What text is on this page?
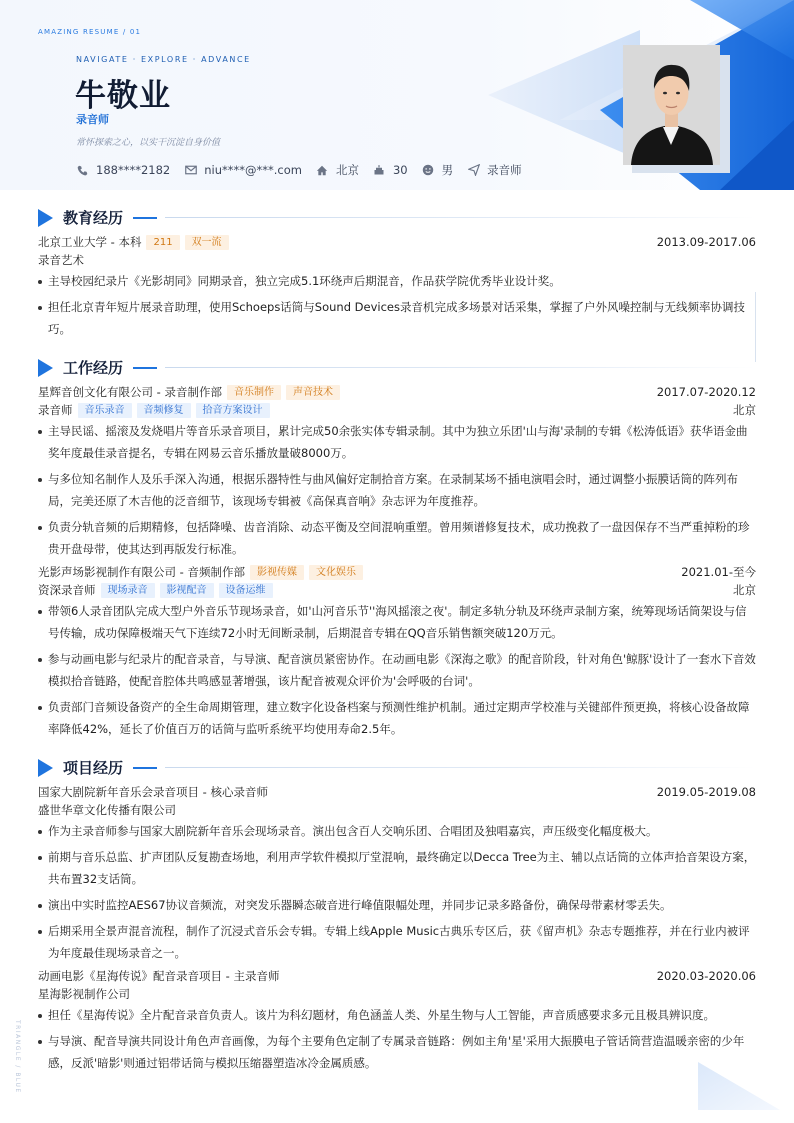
AMAZING RESUME / 01
NAVIGATE · EXPLORE · ADVANCE
牛敬业
录音师
常怀探索之心，以实干沉淀自身价值
188****2182	niu****@***.com	北京	30	男	录音师
教育经历
北京工业大学 - 本科	211	双一流	2013.09-2017.06
录音艺术
主导校园纪录片《光影胡同》同期录音，独立完成5.1环绕声后期混音，作品获学院优秀毕业设计奖。
担任北京青年短片展录音助理，使用Schoeps话筒与Sound Devices录音机完成多场景对话采集，掌握了户外风噪控制与无线频率协调技巧。
工作经历
星辉音创文化有限公司 - 录音制作部	音乐制作	声音技术	2017.07-2020.12
录音师	音乐录音	音频修复	拾音方案设计	北京
主导民谣、摇滚及发烧唱片等音乐录音项目，累计完成50余张实体专辑录制。其中为独立乐团'山与海'录制的专辑《松涛低语》获华语金曲奖年度最佳录音提名，专辑在网易云音乐播放量破8000万。
与多位知名制作人及乐手深入沟通，根据乐器特性与曲风偏好定制拾音方案。在录制某场不插电演唱会时，通过调整小振膜话筒的阵列布局，完美还原了木吉他的泛音细节，该现场专辑被《高保真音响》杂志评为年度推荐。
负责分轨音频的后期精修，包括降噪、齿音消除、动态平衡及空间混响重塑。曾用频谱修复技术，成功挽救了一盘因保存不当严重掉粉的珍贵开盘母带，使其达到再版发行标准。
光影声场影视制作有限公司 - 音频制作部	影视传媒	文化娱乐	2021.01-至今
资深录音师	现场录音	影视配音	设备运维	北京
带领6人录音团队完成大型户外音乐节现场录音，如'山河音乐节''海风摇滚之夜'。制定多轨分轨及环绕声录制方案，统筹现场话筒架设与信号传输，成功保障极端天气下连续72小时无间断录制，后期混音专辑在QQ音乐销售额突破120万元。
参与动画电影与纪录片的配音录音，与导演、配音演员紧密协作。在动画电影《深海之歌》的配音阶段，针对角色'鲸豚'设计了一套水下音效模拟拾音链路，使配音腔体共鸣感显著增强，该片配音被观众评价为'会呼吸的台词'。
负责部门音频设备资产的全生命周期管理，建立数字化设备档案与预测性维护机制。通过定期声学校准与关键部件预更换，将核心设备故障率降低42%，延长了价值百万的话筒与监听系统平均使用寿命2.5年。
项目经历
国家大剧院新年音乐会录音项目 - 核心录音师	2019.05-2019.08
盛世华章文化传播有限公司
作为主录音师参与国家大剧院新年音乐会现场录音。演出包含百人交响乐团、合唱团及独唱嘉宾，声压级变化幅度极大。
前期与音乐总监、扩声团队反复勘查场地，利用声学软件模拟厅堂混响，最终确定以Decca Tree为主、辅以点话筒的立体声拾音架设方案，共布置32支话筒。
演出中实时监控AES67协议音频流，对突发乐器瞬态破音进行峰值限幅处理，并同步记录多路备份，确保母带素材零丢失。
后期采用全景声混音流程，制作了沉浸式音乐会专辑。专辑上线Apple Music古典乐专区后，获《留声机》杂志专题推荐，并在行业内被评为年度最佳现场录音之一。
动画电影《星海传说》配音录音项目 - 主录音师	2020.03-2020.06
星海影视制作公司
担任《星海传说》全片配音录音负责人。该片为科幻题材，角色涵盖人类、外星生物与人工智能，声音质感要求多元且极具辨识度。
与导演、配音导演共同设计角色声音画像，为每个主要角色定制了专属录音链路：例如主角'星'采用大振膜电子管话筒营造温暖亲密的少年感，反派'暗影'则通过铝带话筒与模拟压缩器塑造冰冷金属质感。
TRIANGLE / BLUE
